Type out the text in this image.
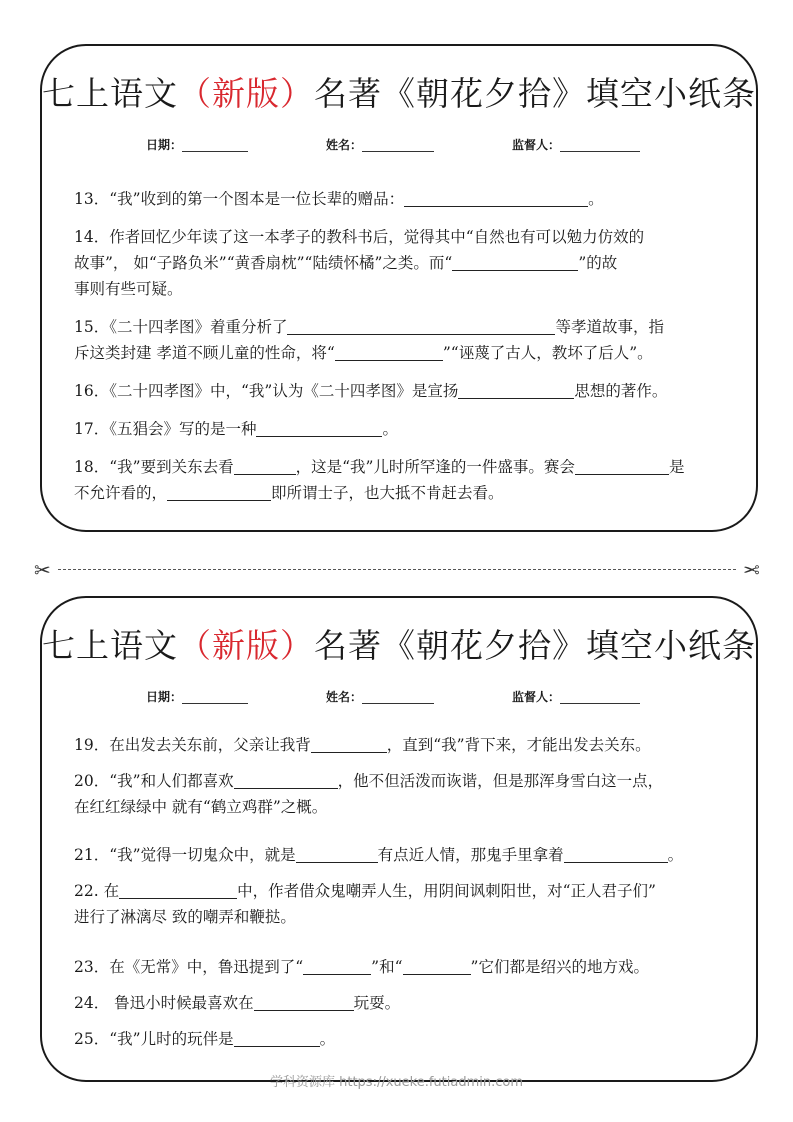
七上语文（新版）名著《朝花夕拾》填空小纸条
日期：	姓名：	监督人：
13．“我”收到的第一个图本是一位长辈的赠品：	。
14．作者回忆少年读了这一本孝子的教科书后，觉得其中“自然也有可以勉力仿效的
故事”， 如“子路负米”“黄香扇枕”“陆绩怀橘”之类。而“	”的故
事则有些可疑。
15．《二十四孝图》着重分析了	等孝道故事，指
斥这类封建 孝道不顾儿童的性命，将“	”“诬蔑了古人，教坏了后人”。
16．《二十四孝图》中，“我”认为《二十四孝图》是宣扬	思想的著作。
17．《五猖会》写的是一种	。
18．“我”要到关东去看	，这是“我”儿时所罕逢的一件盛事。赛会	是
不允许看的，	即所谓士子，也大抵不肯赶去看。
✂	✂
七上语文（新版）名著《朝花夕拾》填空小纸条
日期：	姓名：	监督人：
19．在出发去关东前，父亲让我背	，直到“我”背下来，才能出发去关东。
20．“我”和人们都喜欢	，他不但活泼而诙谐，但是那浑身雪白这一点，
在红红绿绿中 就有“鹤立鸡群”之概。
21．“我”觉得一切鬼众中，就是	有点近人情，那鬼手里拿着	。
22. 在	中，作者借众鬼嘲弄人生，用阴间讽刺阳世，对“正人君子们”
进行了淋漓尽 致的嘲弄和鞭挞。
23．在《无常》中，鲁迅提到了“	”和“	”它们都是绍兴的地方戏。
24． 鲁迅小时候最喜欢在	玩耍。
25．“我”儿时的玩伴是	。
学科资源库 https://xueke.futiadmin.com
